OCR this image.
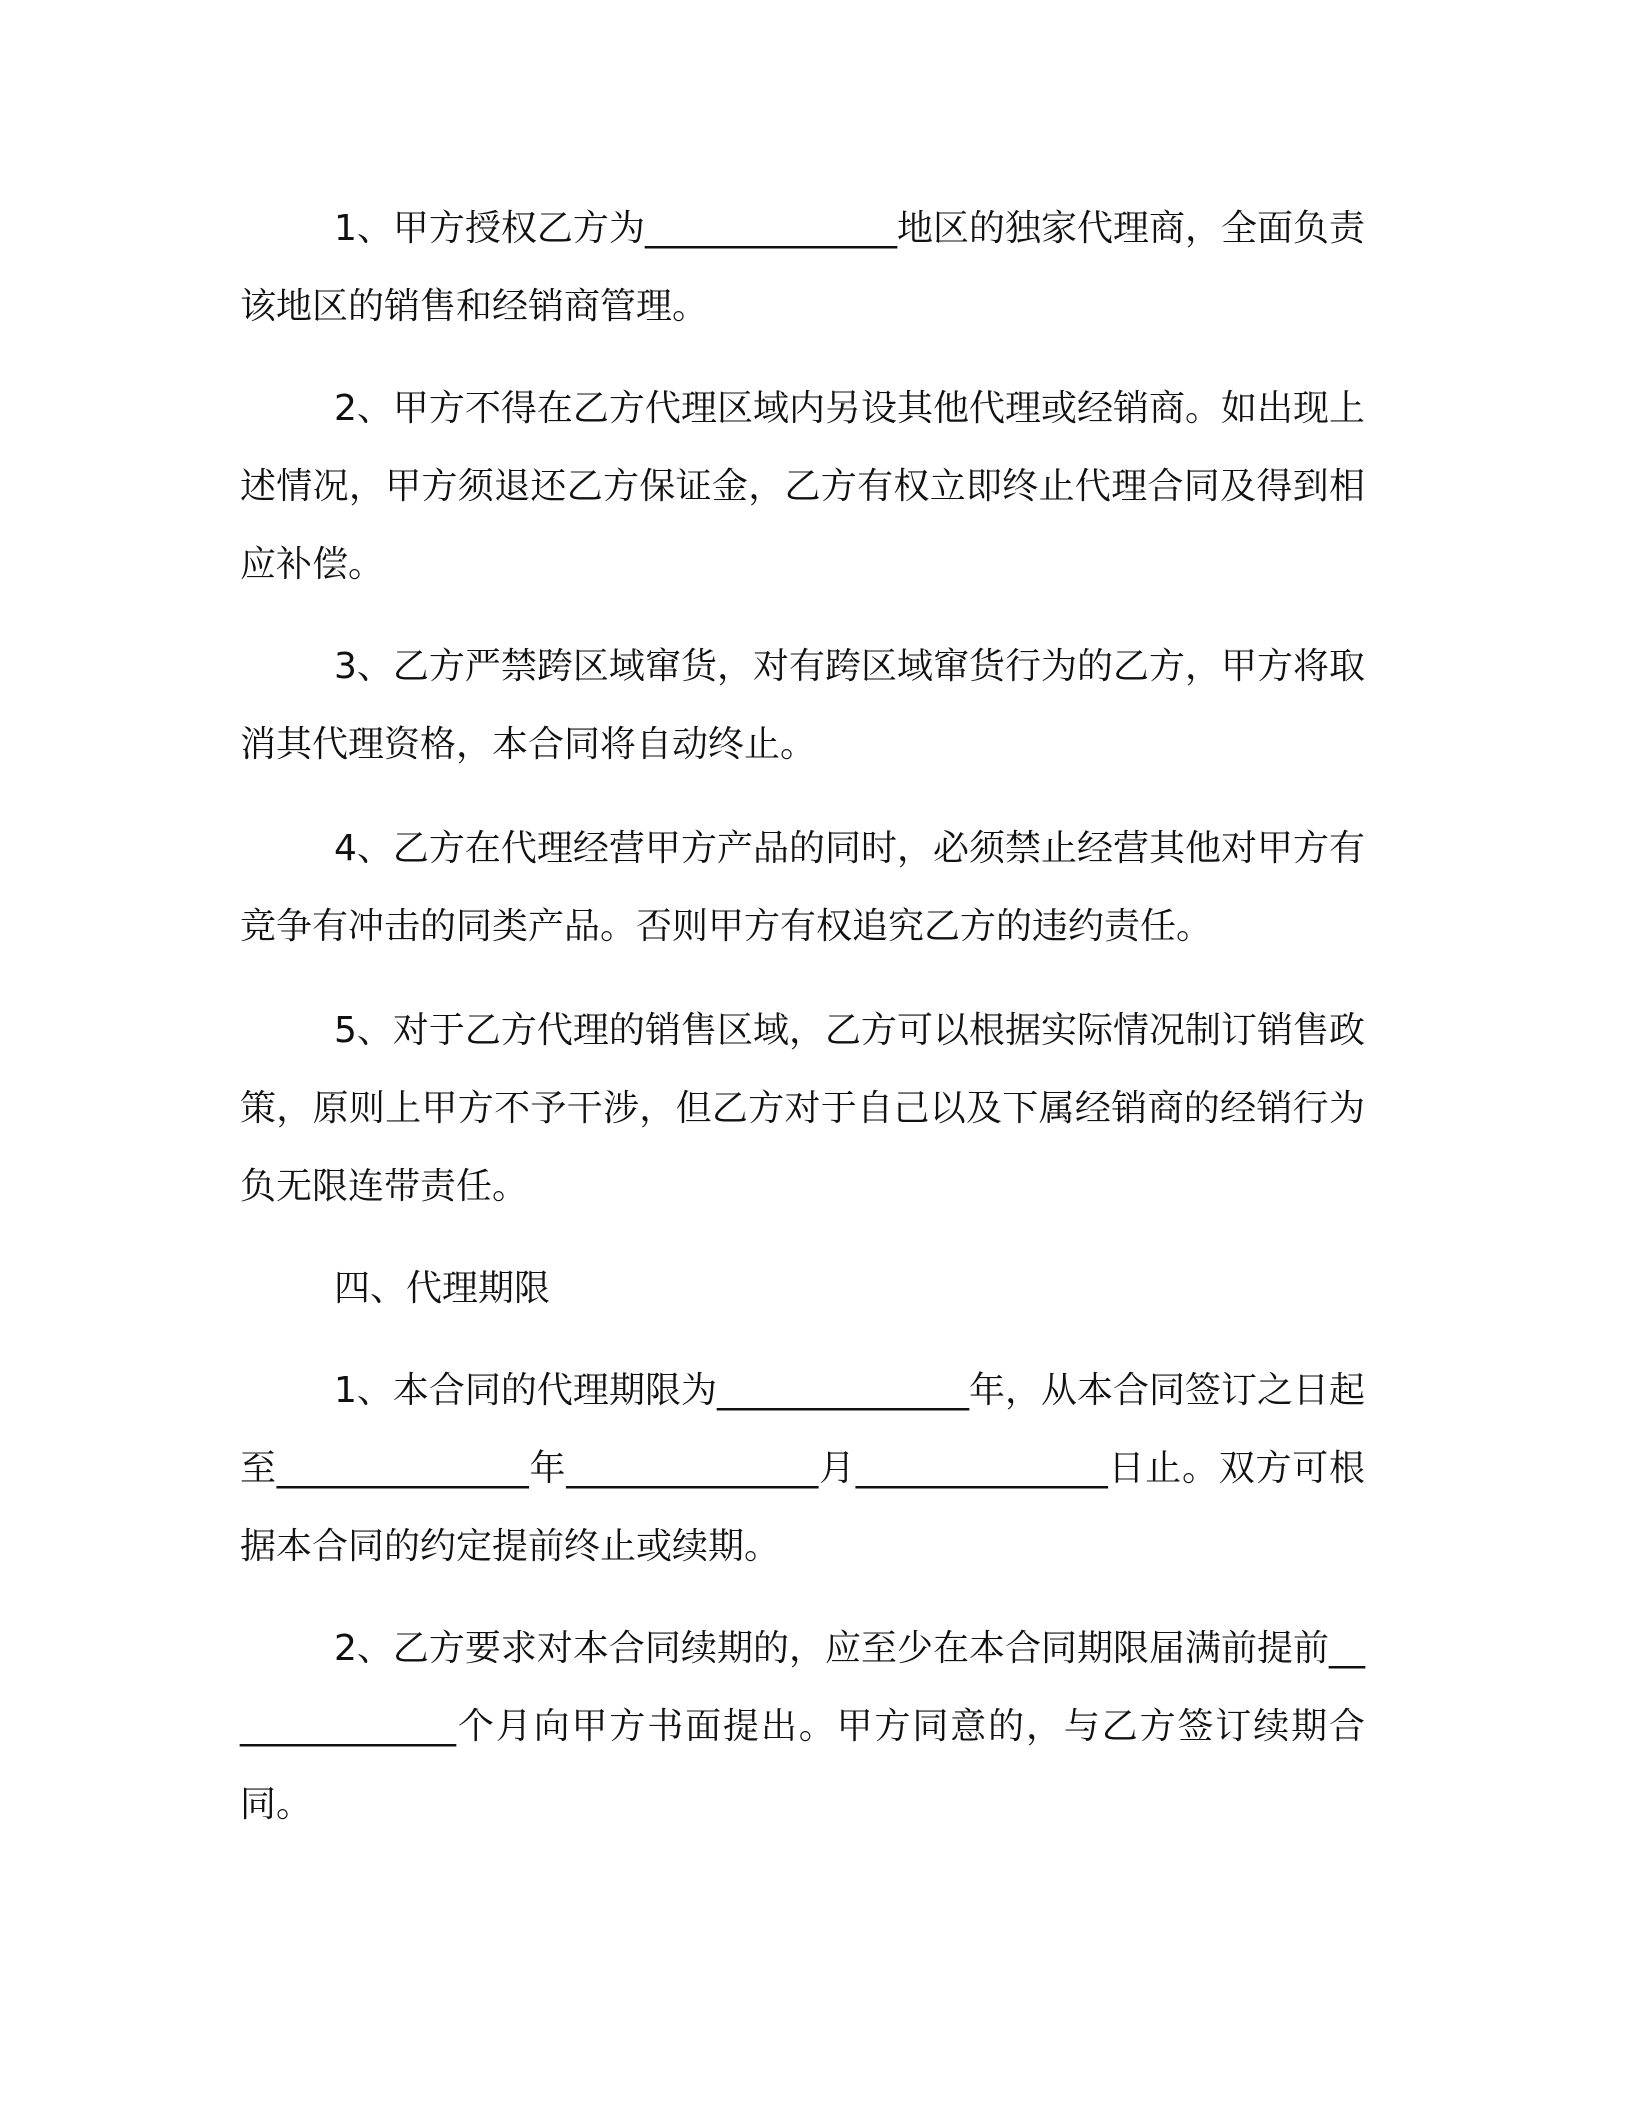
1、甲方授权乙方为______________地区的独家代理商，全面负责该地区的销售和经销商管理。

2、甲方不得在乙方代理区域内另设其他代理或经销商。如出现上述情况，甲方须退还乙方保证金，乙方有权立即终止代理合同及得到相应补偿。

3、乙方严禁跨区域窜货，对有跨区域窜货行为的乙方，甲方将取消其代理资格，本合同将自动终止。

4、乙方在代理经营甲方产品的同时，必须禁止经营其他对甲方有竞争有冲击的同类产品。否则甲方有权追究乙方的违约责任。

5、对于乙方代理的销售区域，乙方可以根据实际情况制订销售政策，原则上甲方不予干涉，但乙方对于自己以及下属经销商的经销行为负无限连带责任。

四、代理期限

1、本合同的代理期限为______________年，从本合同签订之日起至______________年______________月______________日止。双方可根据本合同的约定提前终止或续期。

2、乙方要求对本合同续期的，应至少在本合同期限届满前提前______________个月向甲方书面提出。甲方同意的，与乙方签订续期合同。
